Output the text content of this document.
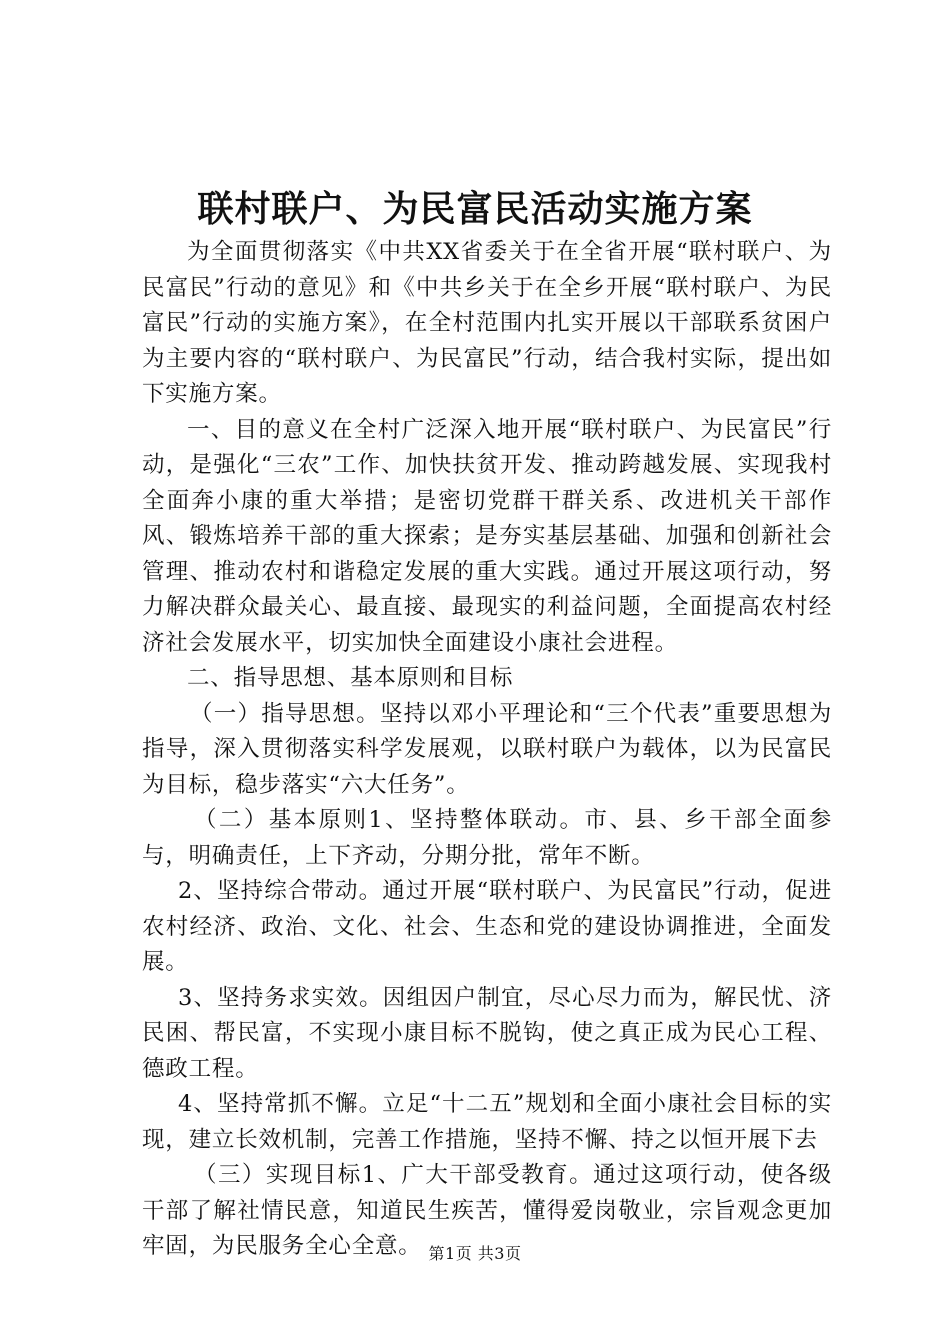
联村联户、为民富民活动实施方案

为全面贯彻落实《中共XX省委关于在全省开展“联村联户、为民富民”行动的意见》和《中共乡关于在全乡开展“联村联户、为民富民”行动的实施方案》，在全村范围内扎实开展以干部联系贫困户为主要内容的“联村联户、为民富民”行动，结合我村实际，提出如下实施方案。

一、目的意义在全村广泛深入地开展“联村联户、为民富民”行动，是强化“三农”工作、加快扶贫开发、推动跨越发展、实现我村全面奔小康的重大举措；是密切党群干群关系、改进机关干部作风、锻炼培养干部的重大探索；是夯实基层基础、加强和创新社会管理、推动农村和谐稳定发展的重大实践。通过开展这项行动，努力解决群众最关心、最直接、最现实的利益问题，全面提高农村经济社会发展水平，切实加快全面建设小康社会进程。

二、指导思想、基本原则和目标

（一）指导思想。坚持以邓小平理论和“三个代表”重要思想为指导，深入贯彻落实科学发展观，以联村联户为载体，以为民富民为目标，稳步落实“六大任务”。

（二）基本原则1、坚持整体联动。市、县、乡干部全面参与，明确责任，上下齐动，分期分批，常年不断。

2、坚持综合带动。通过开展“联村联户、为民富民”行动，促进农村经济、政治、文化、社会、生态和党的建设协调推进，全面发展。

3、坚持务求实效。因组因户制宜，尽心尽力而为，解民忧、济民困、帮民富，不实现小康目标不脱钩，使之真正成为民心工程、德政工程。

4、坚持常抓不懈。立足“十二五”规划和全面小康社会目标的实现，建立长效机制，完善工作措施，坚持不懈、持之以恒开展下去

（三）实现目标1、广大干部受教育。通过这项行动，使各级干部了解社情民意，知道民生疾苦，懂得爱岗敬业，宗旨观念更加牢固，为民服务全心全意。 第1页 共3页
